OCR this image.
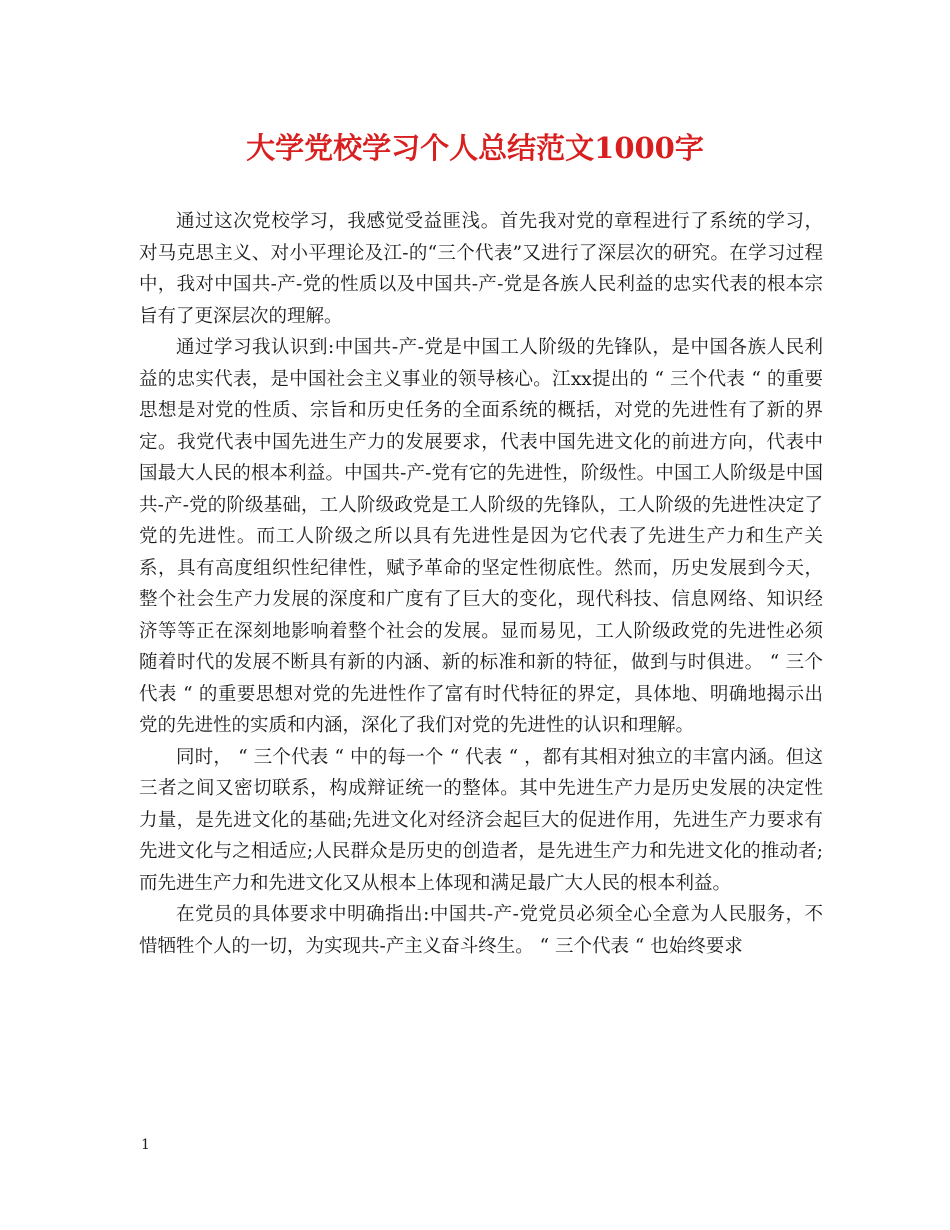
大学党校学习个人总结范文1000字

通过这次党校学习，我感觉受益匪浅。首先我对党的章程进行了系统的学习，对马克思主义、对小平理论及江-的“三个代表”又进行了深层次的研究。在学习过程中，我对中国共-产-党的性质以及中国共-产-党是各族人民利益的忠实代表的根本宗旨有了更深层次的理解。

通过学习我认识到:中国共-产-党是中国工人阶级的先锋队，是中国各族人民利益的忠实代表，是中国社会主义事业的领导核心。江xx提出的 “ 三个代表 “ 的重要思想是对党的性质、宗旨和历史任务的全面系统的概括，对党的先进性有了新的界定。我党代表中国先进生产力的发展要求，代表中国先进文化的前进方向，代表中国最大人民的根本利益。中国共-产-党有它的先进性，阶级性。中国工人阶级是中国共-产-党的阶级基础，工人阶级政党是工人阶级的先锋队，工人阶级的先进性决定了党的先进性。而工人阶级之所以具有先进性是因为它代表了先进生产力和生产关系，具有高度组织性纪律性，赋予革命的坚定性彻底性。然而，历史发展到今天，整个社会生产力发展的深度和广度有了巨大的变化，现代科技、信息网络、知识经济等等正在深刻地影响着整个社会的发展。显而易见，工人阶级政党的先进性必须随着时代的发展不断具有新的内涵、新的标准和新的特征，做到与时俱进。 “ 三个代表 “ 的重要思想对党的先进性作了富有时代特征的界定，具体地、明确地揭示出党的先进性的实质和内涵，深化了我们对党的先进性的认识和理解。

同时， “ 三个代表 “ 中的每一个 “ 代表 “ ，都有其相对独立的丰富内涵。但这三者之间又密切联系，构成辩证统一的整体。其中先进生产力是历史发展的决定性力量，是先进文化的基础;先进文化对经济会起巨大的促进作用，先进生产力要求有先进文化与之相适应;人民群众是历史的创造者，是先进生产力和先进文化的推动者;而先进生产力和先进文化又从根本上体现和满足最广大人民的根本利益。

在党员的具体要求中明确指出:中国共-产-党党员必须全心全意为人民服务，不惜牺牲个人的一切，为实现共-产主义奋斗终生。 “ 三个代表 “ 也始终要求

1
